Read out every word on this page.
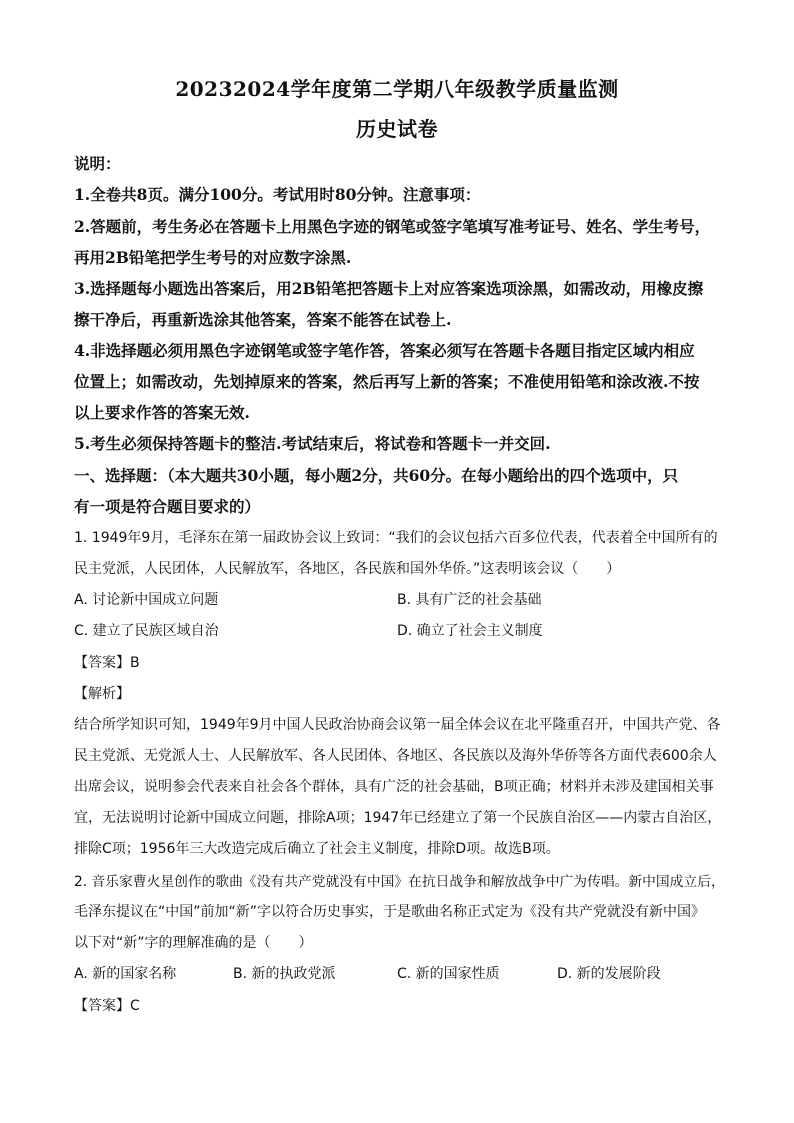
20232024学年度第二学期八年级教学质量监测
历史试卷
说明：
1.全卷共8页。满分100分。考试用时80分钟。注意事项：
2.答题前，考生务必在答题卡上用黑色字迹的钢笔或签字笔填写准考证号、姓名、学生考号，
再用2B铅笔把学生考号的对应数字涂黑.
3.选择题每小题选出答案后，用2B铅笔把答题卡上对应答案选项涂黑，如需改动，用橡皮擦
擦干净后，再重新选涂其他答案，答案不能答在试卷上.
4.非选择题必须用黑色字迹钢笔或签字笔作答，答案必须写在答题卡各题目指定区域内相应
位置上；如需改动，先划掉原来的答案，然后再写上新的答案；不准使用铅笔和涂改液.不按
以上要求作答的答案无效.
5.考生必须保持答题卡的整洁.考试结束后，将试卷和答题卡一并交回.
一、选择题：（本大题共30小题，每小题2分，共60分。在每小题给出的四个选项中，只
有一项是符合题目要求的）
1. 1949年9月，毛泽东在第一届政协会议上致词：“我们的会议包括六百多位代表，代表着全中国所有的
民主党派，人民团体，人民解放军，各地区，各民族和国外华侨。”这表明该会议（　　）
A. 讨论新中国成立问题	B. 具有广泛的社会基础
C. 建立了民族区域自治	D. 确立了社会主义制度
【答案】B
【解析】
结合所学知识可知，1949年9月中国人民政治协商会议第一届全体会议在北平隆重召开，中国共产党、各
民主党派、无党派人士、人民解放军、各人民团体、各地区、各民族以及海外华侨等各方面代表600余人
出席会议，说明参会代表来自社会各个群体，具有广泛的社会基础，B项正确；材料并未涉及建国相关事
宜，无法说明讨论新中国成立问题，排除A项；1947年已经建立了第一个民族自治区——内蒙古自治区，
排除C项；1956年三大改造完成后确立了社会主义制度，排除D项。故选B项。
2. 音乐家曹火星创作的歌曲《没有共产党就没有中国》在抗日战争和解放战争中广为传唱。新中国成立后，
毛泽东提议在“中国”前加“新”字以符合历史事实，于是歌曲名称正式定为《没有共产党就没有新中国》
以下对“新”字的理解准确的是（　　）
A. 新的国家名称	B. 新的执政党派	C. 新的国家性质	D. 新的发展阶段
【答案】C
